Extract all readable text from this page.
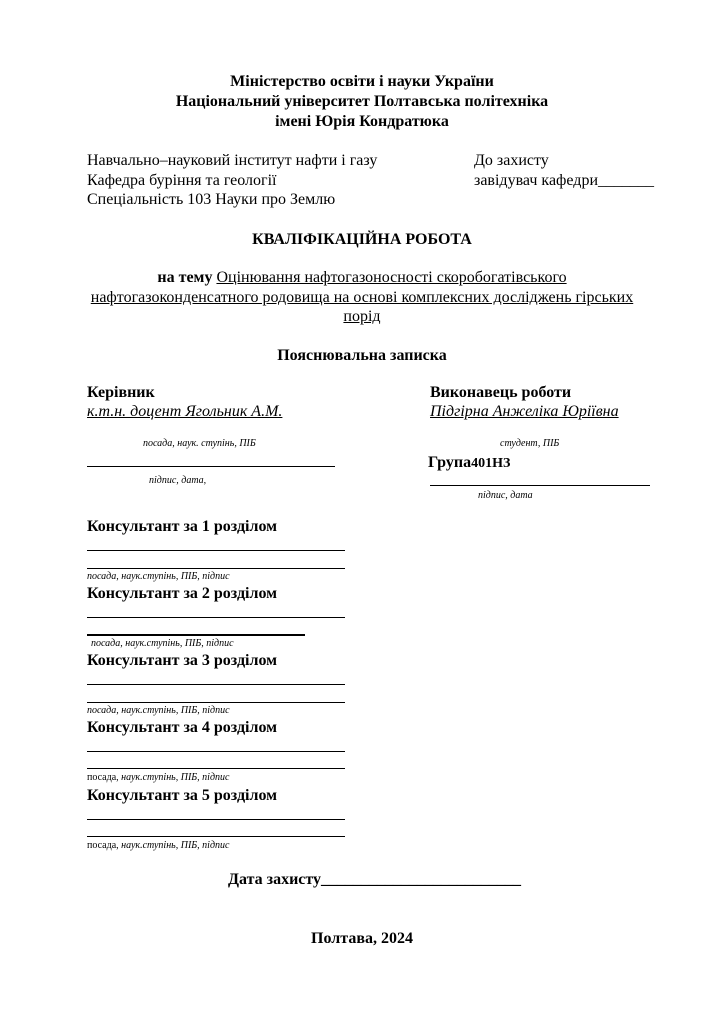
Міністерство освіти і науки України
Національний університет Полтавська політехніка
імені Юрія Кондратюка
Навчально–науковий інститут нафти і газу
Кафедра буріння та геології
Спеціальність 103 Науки про Землю
До захисту
завідувач кафедри_______
КВАЛІФІКАЦІЙНА РОБОТА
на тему Оцінювання нафтогазоносності скоробогатівського
нафтогазоконденсатного родовища на основі комплексних досліджень гірських
порід
Пояснювальна записка
Керівник
к.т.н. доцент Ягольник А.М.
посада, наук. ступінь, ПІБ
підпис, дата,
Виконавець роботи
Підгірна Анжеліка Юріївна
студент, ПІБ
Група401НЗ
підпис, дата
Консультант за 1 розділом
посада, наук.ступінь, ПІБ, підпис
Консультант за 2 розділом
посада, наук.ступінь, ПІБ, підпис
Консультант за 3 розділом
посада, наук.ступінь, ПІБ, підпис
Консультант за 4 розділом
посада, наук.ступінь, ПІБ, підпис
Консультант за 5 розділом
посада, наук.ступінь, ПІБ, підпис
Дата захисту_________________________
Полтава, 2024
